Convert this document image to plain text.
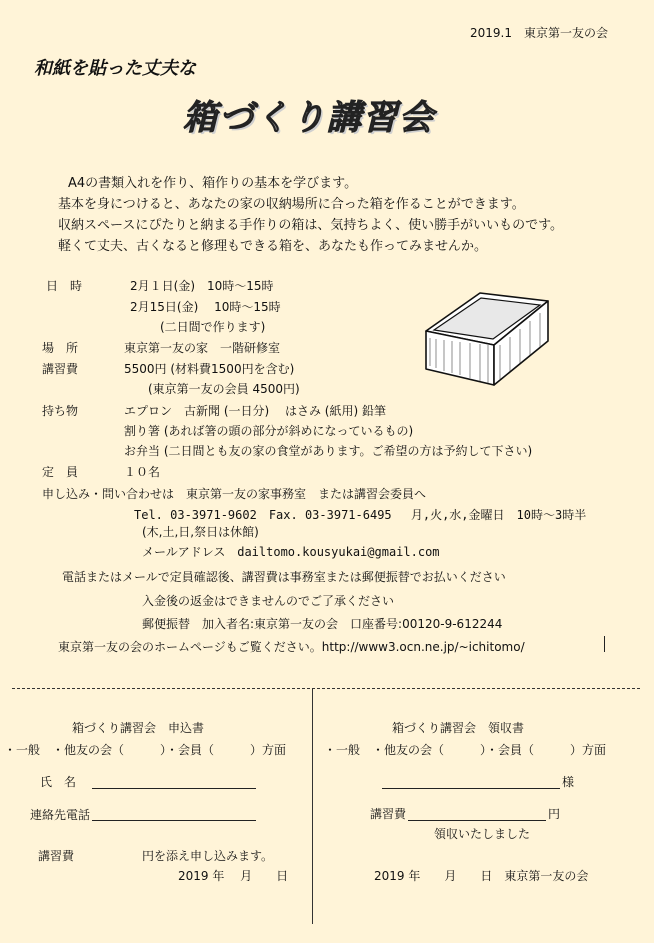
2019.1　東京第一友の会
和紙を貼った丈夫な
箱づくり講習会
A4の書類入れを作り、箱作りの基本を学びます。
基本を身につけると、あなたの家の収納場所に合った箱を作ることができます。
収納スペースにぴたりと納まる手作りの箱は、気持ちよく、使い勝手がいいものです。
軽くて丈夫、古くなると修理もできる箱を、あなたも作ってみませんか。
日　時	2月１日(金)　10時～15時
2月15日(金)　 10時～15時
(二日間で作ります)
場　所	東京第一友の家　一階研修室
講習費	5500円 (材料費1500円を含む)
(東京第一友の会員 4500円)
持ち物	エプロン　古新聞 (一日分)　 はさみ (紙用) 鉛筆
割り箸 (あれば箸の頭の部分が斜めになっているもの)
お弁当 (二日間とも友の家の食堂があります。ご希望の方は予約して下さい)
定　員	１０名
申し込み・問い合わせは　東京第一友の家事務室　または講習会委員へ
Tel. 03-3971-9602　Fax. 03-3971-6495　 月,火,水,金曜日　10時～3時半
(木,土,日,祭日は休館)
メールアドレス dailtomo.kousyukai@gmail.com
電話またはメールで定員確認後、講習費は事務室または郵便振替でお払いください
入金後の返金はできませんのでご了承ください
郵便振替　加入者名:東京第一友の会　口座番号:00120-9-612244
東京第一友の会のホームページもご覧ください。http://www3.ocn.ne.jp/~ichitomo/
箱づくり講習会　申込書
・一般　・他友の会（　　　）・会員（　　　）方面
氏　名
連絡先電話
講習費	円を添え申し込みます。
2019 年　 月　　日
箱づくり講習会　領収書
・一般　・他友の会（　　　）・会員（　　　）方面
様
講習費	円
領収いたしました
2019 年　　月　　日　東京第一友の会
